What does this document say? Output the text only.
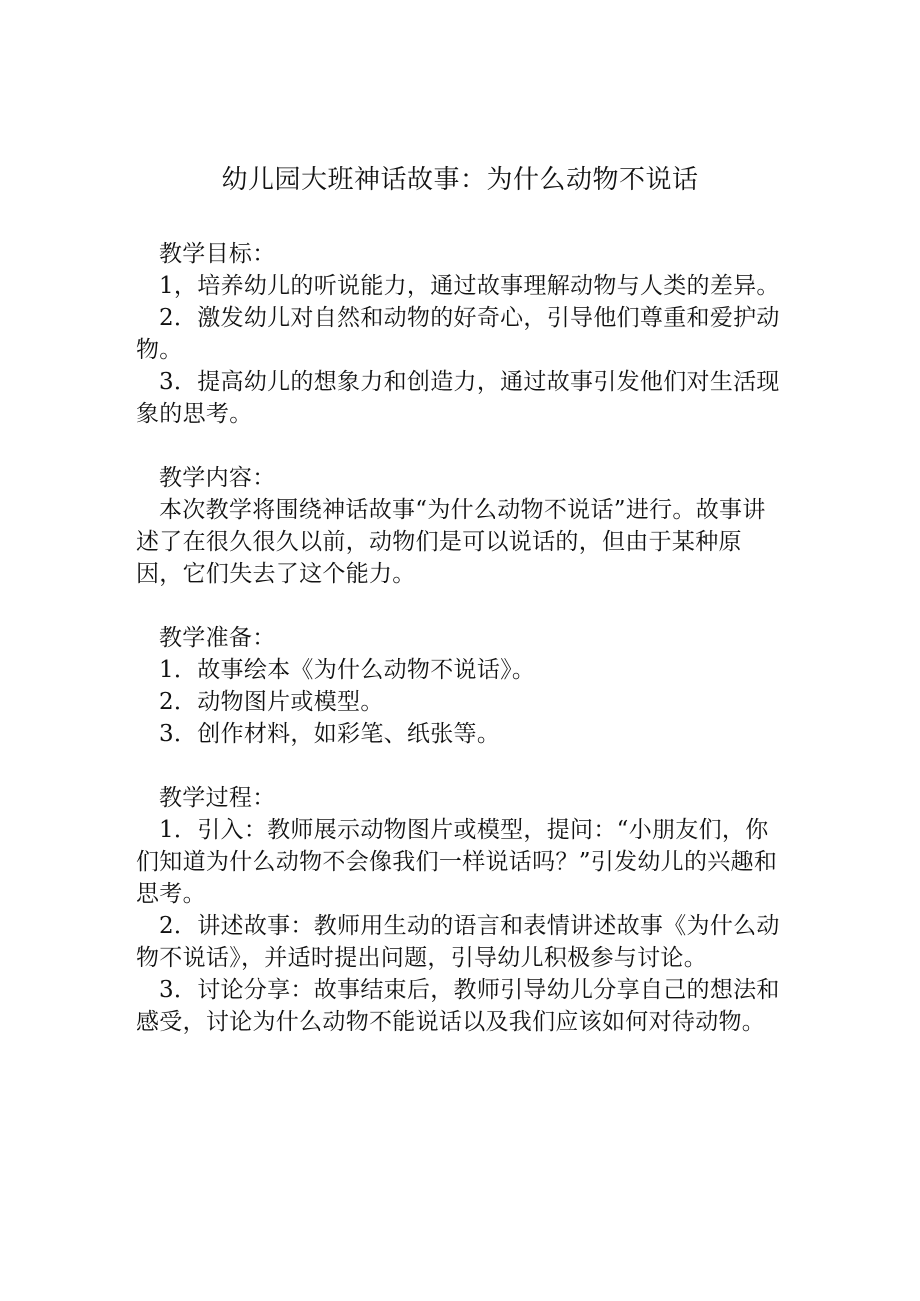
幼儿园大班神话故事：为什么动物不说话

教学目标：

1，培养幼儿的听说能力，通过故事理解动物与人类的差异。

2．激发幼儿对自然和动物的好奇心，引导他们尊重和爱护动物。

3．提高幼儿的想象力和创造力，通过故事引发他们对生活现象的思考。

教学内容：

本次教学将围绕神话故事“为什么动物不说话”进行。故事讲述了在很久很久以前，动物们是可以说话的，但由于某种原因，它们失去了这个能力。

教学准备：

1．故事绘本《为什么动物不说话》。

2．动物图片或模型。

3．创作材料，如彩笔、纸张等。

教学过程：

1．引入：教师展示动物图片或模型，提问：“小朋友们，你们知道为什么动物不会像我们一样说话吗？”引发幼儿的兴趣和思考。

2．讲述故事：教师用生动的语言和表情讲述故事《为什么动物不说话》，并适时提出问题，引导幼儿积极参与讨论。

3．讨论分享：故事结束后，教师引导幼儿分享自己的想法和感受，讨论为什么动物不能说话以及我们应该如何对待动物。
